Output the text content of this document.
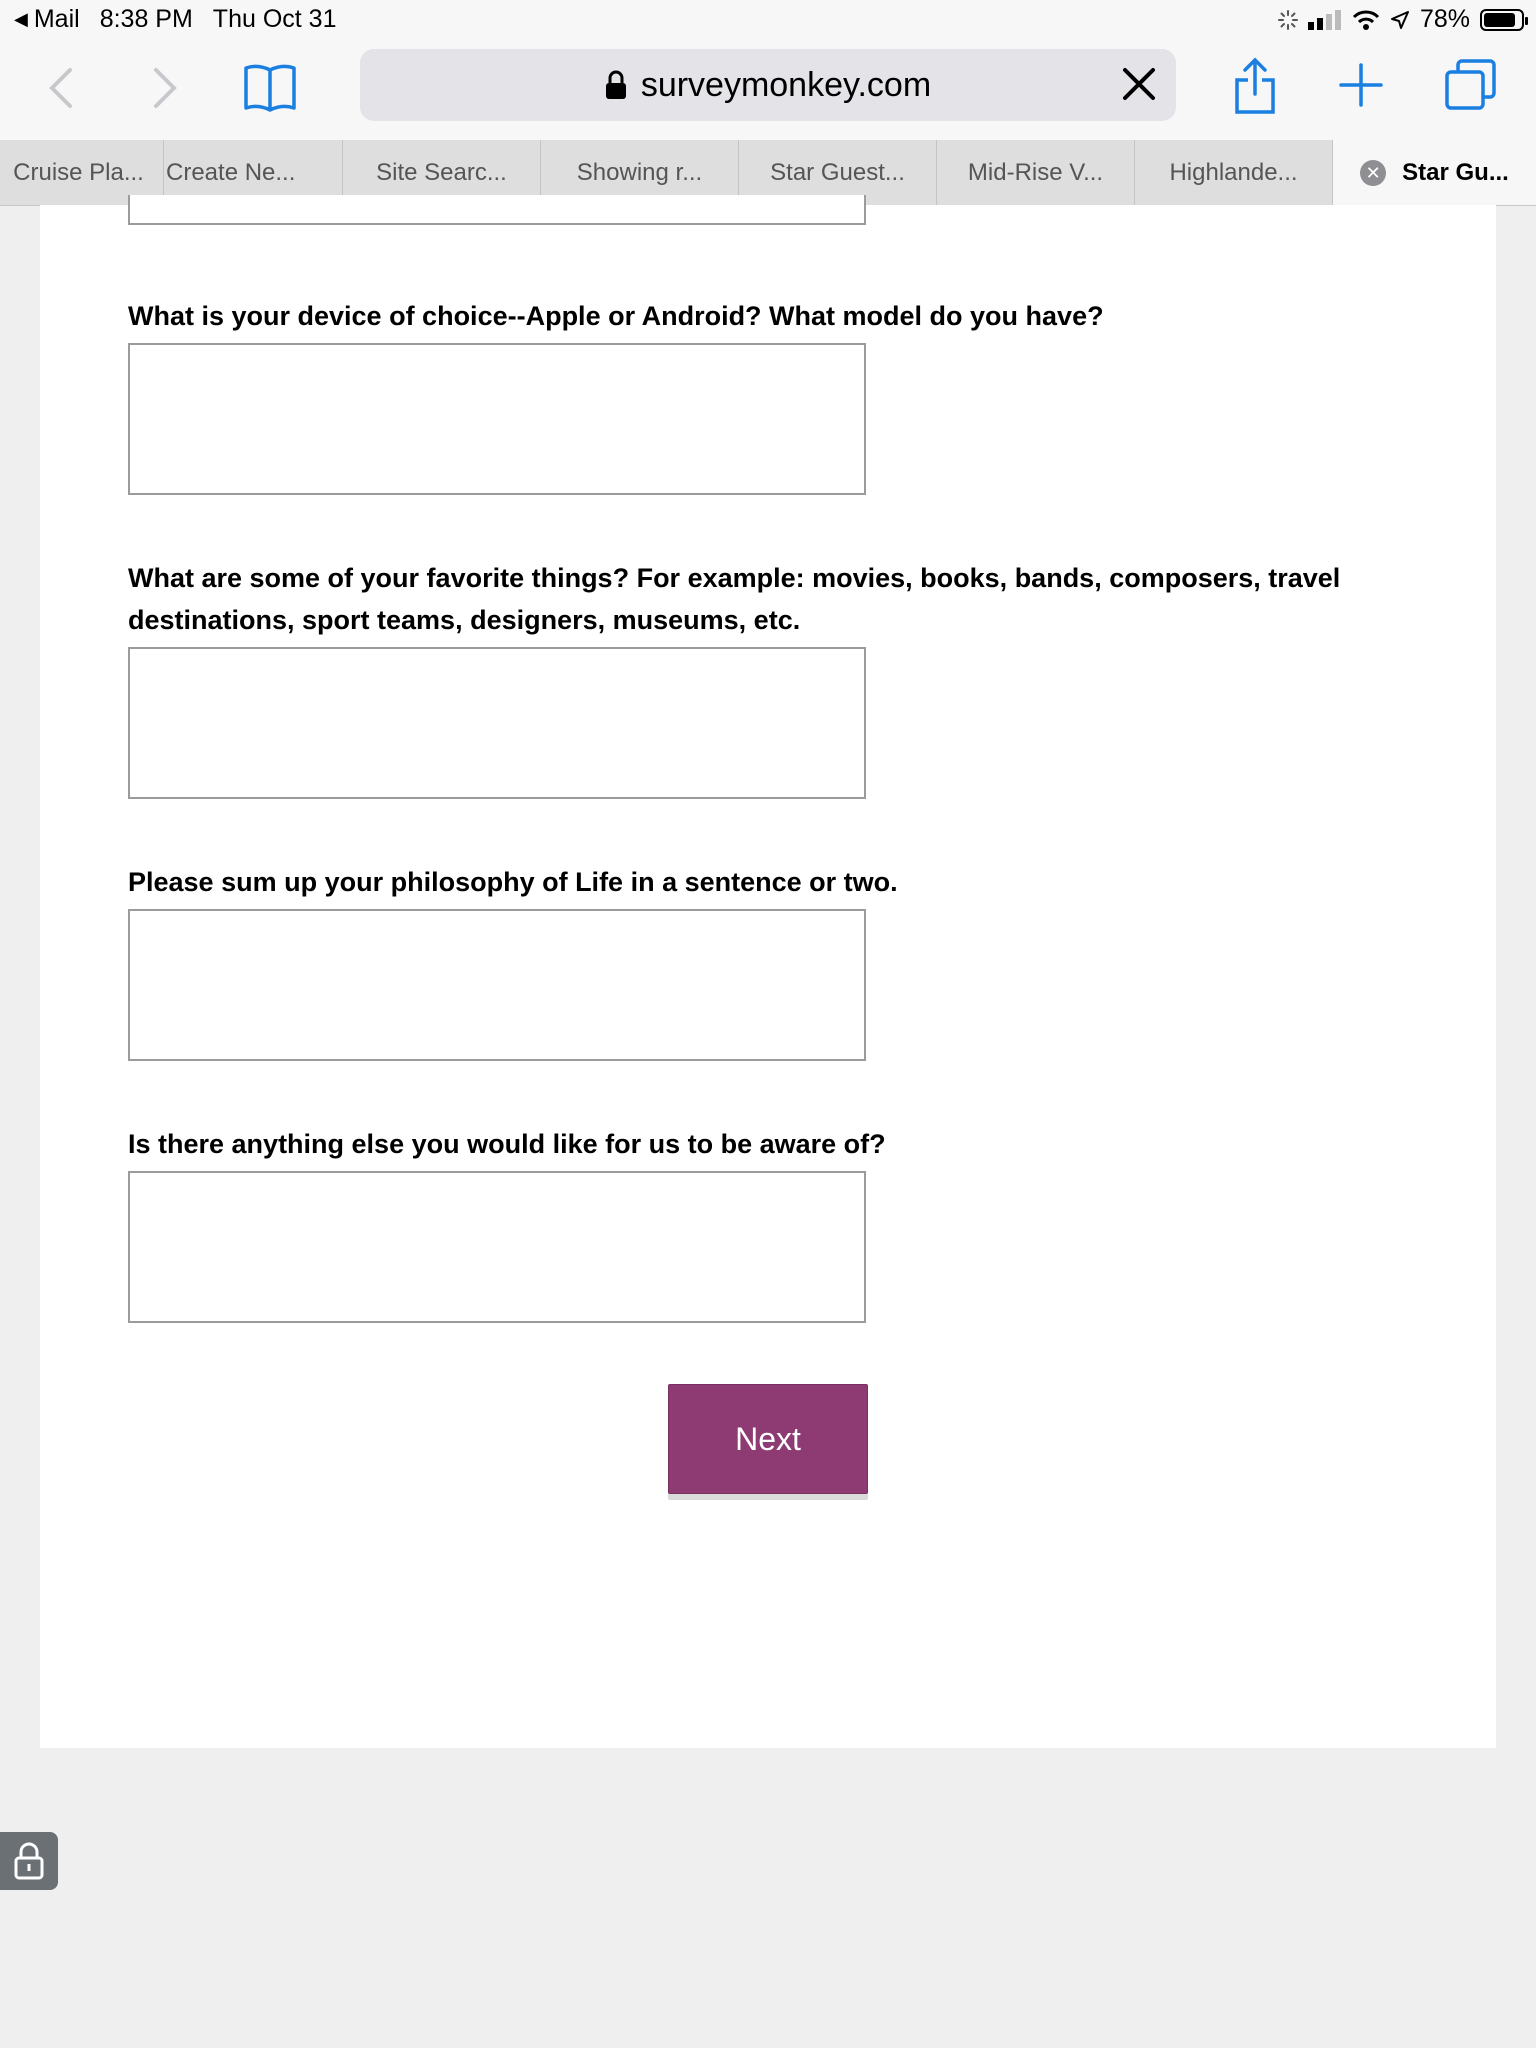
◀ Mail 8:38 PM Thu Oct 31	78%
surveymonkey.com
Cruise Pla... Create Ne...	Site Searc...	Showing r...	Star Guest...	Mid-Rise V...	Highlande...	✕ Star Gu...
What is your device of choice--Apple or Android? What model do you have?
What are some of your favorite things? For example: movies, books, bands, composers, travel destinations, sport teams, designers, museums, etc.
Please sum up your philosophy of Life in a sentence or two.
Is there anything else you would like for us to be aware of?
Next
